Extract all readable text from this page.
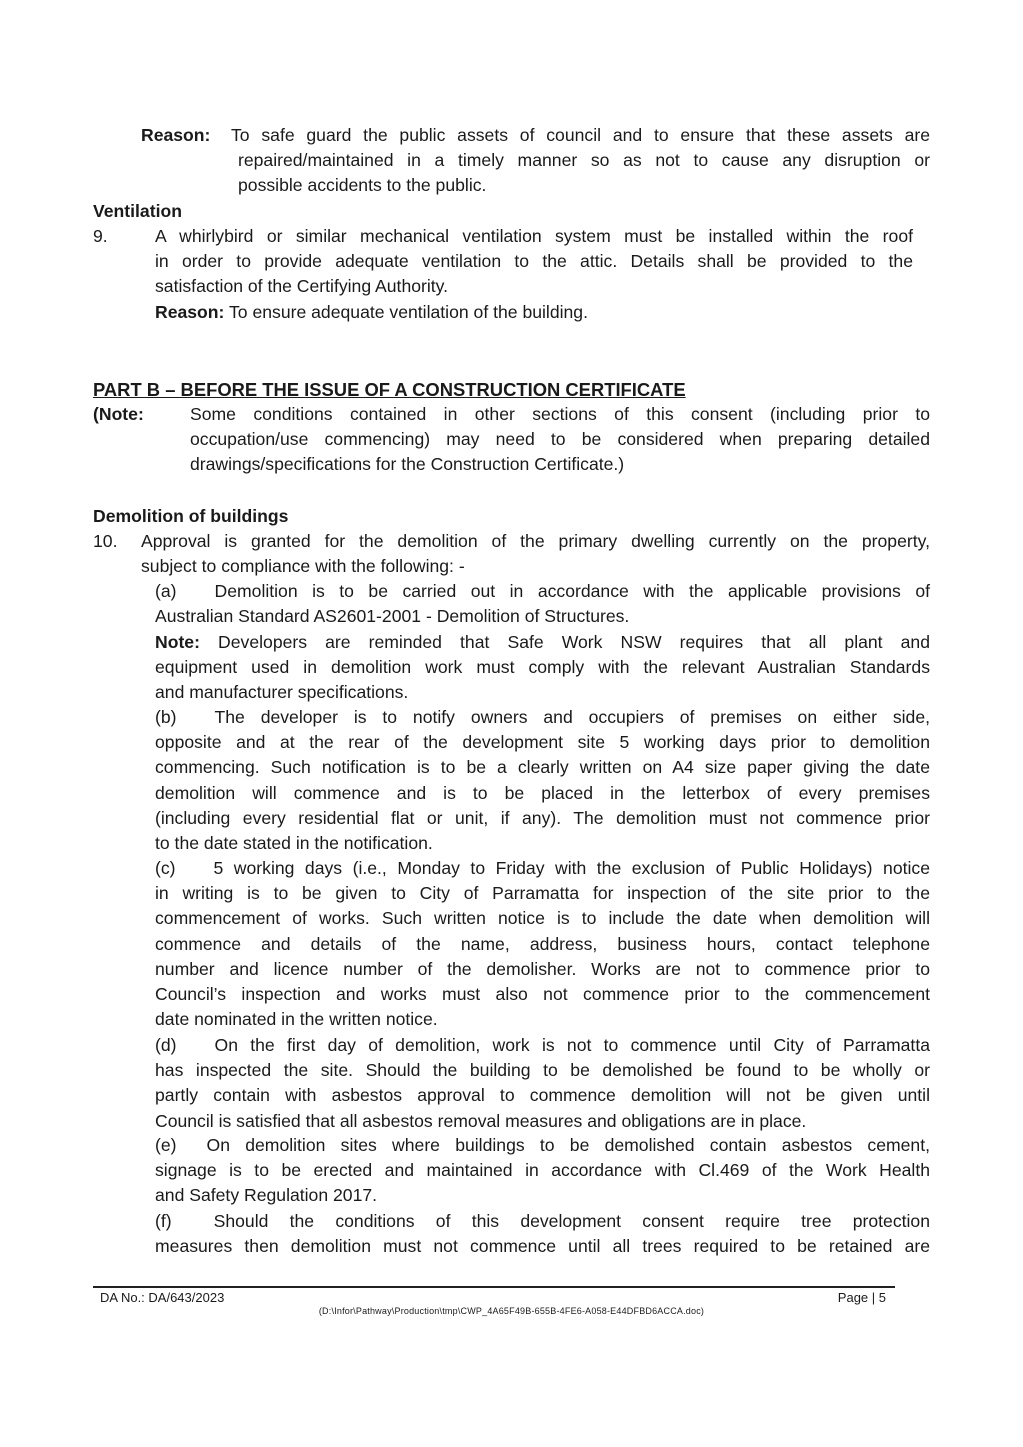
Reason: To safe guard the public assets of council and to ensure that these assets are
repaired/maintained in a timely manner so as not to cause any disruption or
possible accidents to the public.
Ventilation
9.	A whirlybird or similar mechanical ventilation system must be installed within the roof
in order to provide adequate ventilation to the attic. Details shall be provided to the
satisfaction of the Certifying Authority.
Reason: To ensure adequate ventilation of the building.
PART B – BEFORE THE ISSUE OF A CONSTRUCTION CERTIFICATE
(Note:	Some conditions contained in other sections of this consent (including prior to
occupation/use commencing) may need to be considered when preparing detailed
drawings/specifications for the Construction Certificate.)
Demolition of buildings
10. Approval is granted for the demolition of the primary dwelling currently on the property,
subject to compliance with the following: -
(a) Demolition is to be carried out in accordance with the applicable provisions of
Australian Standard AS2601-2001 - Demolition of Structures.
Note: Developers are reminded that Safe Work NSW requires that all plant and
equipment used in demolition work must comply with the relevant Australian Standards
and manufacturer specifications.
(b) The developer is to notify owners and occupiers of premises on either side,
opposite and at the rear of the development site 5 working days prior to demolition
commencing. Such notification is to be a clearly written on A4 size paper giving the date
demolition will commence and is to be placed in the letterbox of every premises
(including every residential flat or unit, if any). The demolition must not commence prior
to the date stated in the notification.
(c) 5 working days (i.e., Monday to Friday with the exclusion of Public Holidays) notice
in writing is to be given to City of Parramatta for inspection of the site prior to the
commencement of works. Such written notice is to include the date when demolition will
commence and details of the name, address, business hours, contact telephone
number and licence number of the demolisher. Works are not to commence prior to
Council’s inspection and works must also not commence prior to the commencement
date nominated in the written notice.
(d) On the first day of demolition, work is not to commence until City of Parramatta
has inspected the site. Should the building to be demolished be found to be wholly or
partly contain with asbestos approval to commence demolition will not be given until
Council is satisfied that all asbestos removal measures and obligations are in place.
(e) On demolition sites where buildings to be demolished contain asbestos cement,
signage is to be erected and maintained in accordance with Cl.469 of the Work Health
and Safety Regulation 2017.
(f) Should the conditions of this development consent require tree protection
measures then demolition must not commence until all trees required to be retained are
DA No.: DA/643/2023	Page | 5
(D:\Infor\Pathway\Production\tmp\CWP_4A65F49B-655B-4FE6-A058-E44DFBD6ACCA.doc)
